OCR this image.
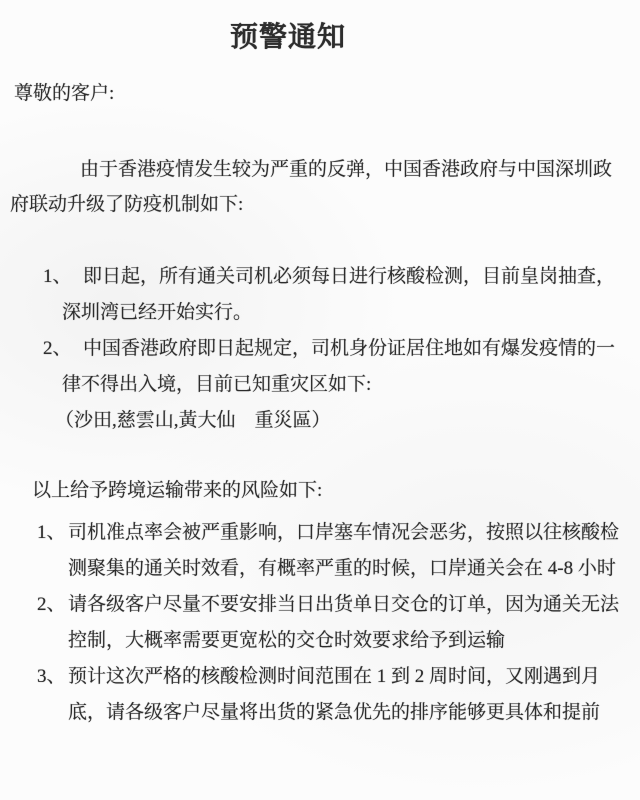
预警通知

尊敬的客户:

由于香港疫情发生较为严重的反弹，中国香港政府与中国深圳政府联动升级了防疫机制如下:

1、 即日起，所有通关司机必须每日进行核酸检测，目前皇岗抽查，深圳湾已经开始实行。
2、 中国香港政府即日起规定，司机身份证居住地如有爆发疫情的一律不得出入境，目前已知重灾区如下:
（沙田,慈雲山,黃大仙　重災區）

以上给予跨境运输带来的风险如下:

1、 司机准点率会被严重影响，口岸塞车情况会恶劣，按照以往核酸检测聚集的通关时效看，有概率严重的时候，口岸通关会在 4-8 小时
2、 请各级客户尽量不要安排当日出货单日交仓的订单，因为通关无法控制，大概率需要更宽松的交仓时效要求给予到运输
3、 预计这次严格的核酸检测时间范围在 1 到 2 周时间，又刚遇到月底，请各级客户尽量将出货的紧急优先的排序能够更具体和提前
